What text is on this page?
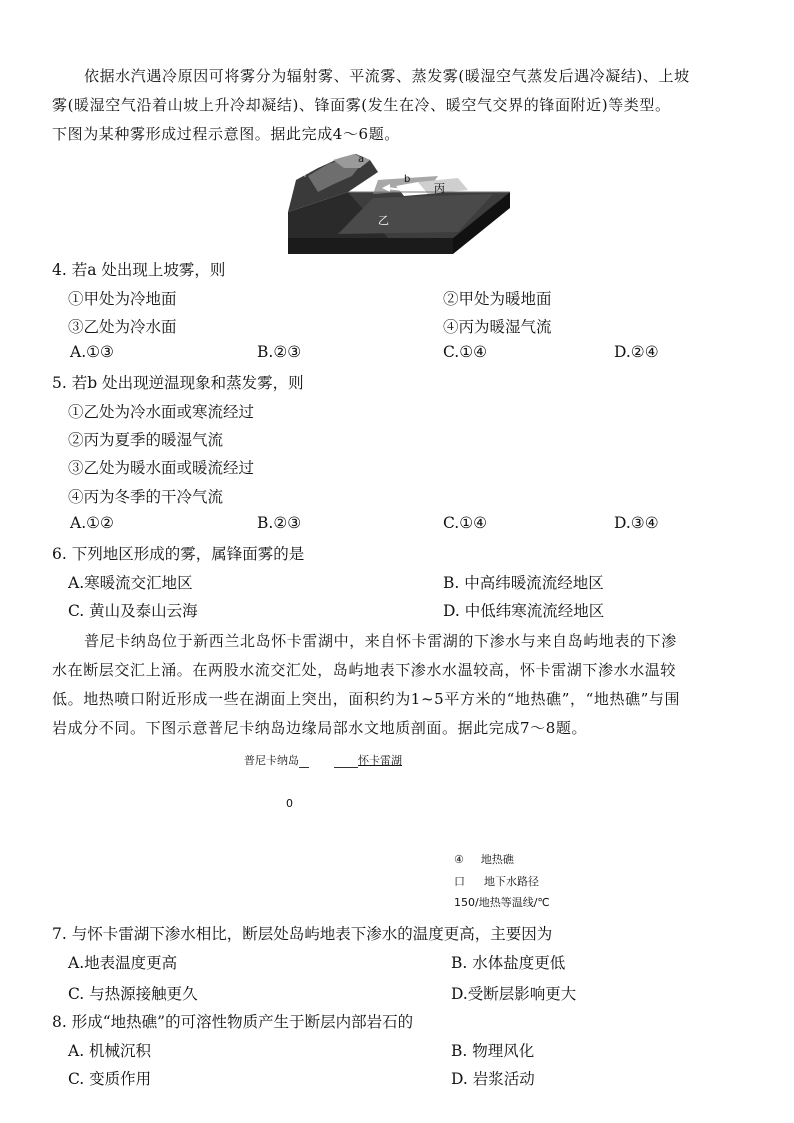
依据水汽遇冷原因可将雾分为辐射雾、平流雾、蒸发雾(暖湿空气蒸发后遇冷凝结)、上坡
雾(暖湿空气沿着山坡上升冷却凝结)、锋面雾(发生在冷、暖空气交界的锋面附近)等类型。
下图为某种雾形成过程示意图。据此完成4～6题。
a
甲
b
丙
乙
4. 若a 处出现上坡雾，则
①甲处为冷地面	②甲处为暖地面
③乙处为冷水面	④丙为暖湿气流
A.①③	B.②③	C.①④	D.②④
5. 若b 处出现逆温现象和蒸发雾，则
①乙处为冷水面或寒流经过
②丙为夏季的暖湿气流
③乙处为暖水面或暖流经过
④丙为冬季的干冷气流
A.①②	B.②③	C.①④	D.③④
6. 下列地区形成的雾，属锋面雾的是
A.寒暖流交汇地区	B. 中高纬暖流流经地区
C. 黄山及泰山云海	D. 中低纬寒流流经地区
普尼卡纳岛位于新西兰北岛怀卡雷湖中，来自怀卡雷湖的下渗水与来自岛屿地表的下渗
水在断层交汇上涌。在两股水流交汇处，岛屿地表下渗水水温较高，怀卡雷湖下渗水水温较
低。地热喷口附近形成一些在湖面上突出，面积约为1~5平方米的“地热礁”，“地热礁”与围
岩成分不同。下图示意普尼卡纳岛边缘局部水文地质剖面。据此完成7～8题。
普尼卡纳岛	怀卡雷湖
0
④ 地热礁
口 地下水路径
150/地热等温线/℃
7. 与怀卡雷湖下渗水相比，断层处岛屿地表下渗水的温度更高，主要因为
A.地表温度更高	B. 水体盐度更低
C. 与热源接触更久	D.受断层影响更大
8. 形成“地热礁”的可溶性物质产生于断层内部岩石的
A. 机械沉积	B. 物理风化
C. 变质作用	D. 岩浆活动
